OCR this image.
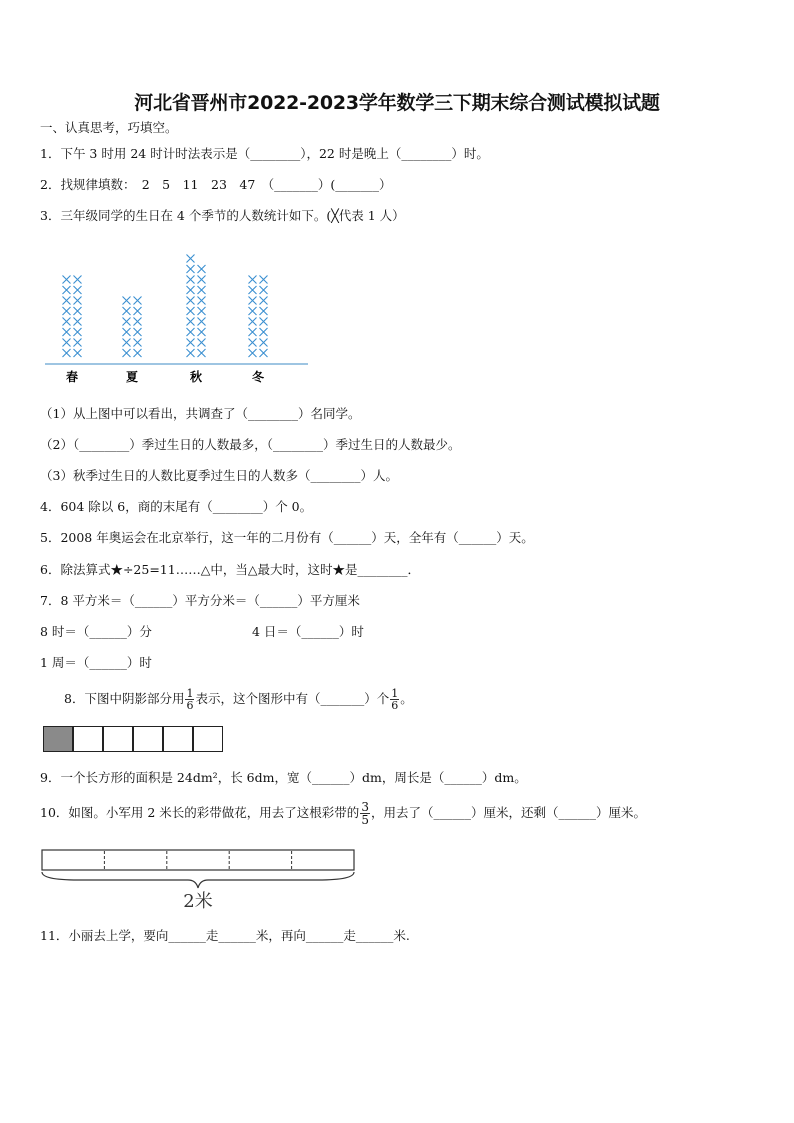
河北省晋州市2022-2023学年数学三下期末综合测试模拟试题
一、认真思考，巧填空。
1．下午 3 时用 24 时计时法表示是（________），22 时是晚上（________）时。
2．找规律填数：　2　5　11　23　47　（_______）(_______）
3．三年级同学的生日在 4 个季节的人数统计如下。(╳代表 1 人）
春	夏	秋	冬
（1）从上图中可以看出，共调查了（________）名同学。
（2）（________）季过生日的人数最多，（________）季过生日的人数最少。
（3）秋季过生日的人数比夏季过生日的人数多（________）人。
4．604 除以 6，商的末尾有（________）个 0。
5．2008 年奥运会在北京举行，这一年的二月份有（______）天，全年有（______）天。
6．除法算式★÷25=11……△中，当△最大时，这时★是________．
7．8 平方米＝（______）平方分米＝（______）平方厘米
8 时＝（______）分	4 日＝（______）时
1 周＝（______）时
8．下图中阴影部分用 $\frac{1}{6}$ 表示，这个图形中有（_______）个 $\frac{1}{6}$ 。
9．一个长方形的面积是 24dm²，长 6dm，宽（______）dm，周长是（______）dm。
10．如图。小军用 2 米长的彩带做花，用去了这根彩带的 $\frac{3}{5}$ ，用去了（______）厘米，还剩（______）厘米。
2米
11．小丽去上学，要向______走______米，再向______走______米.
